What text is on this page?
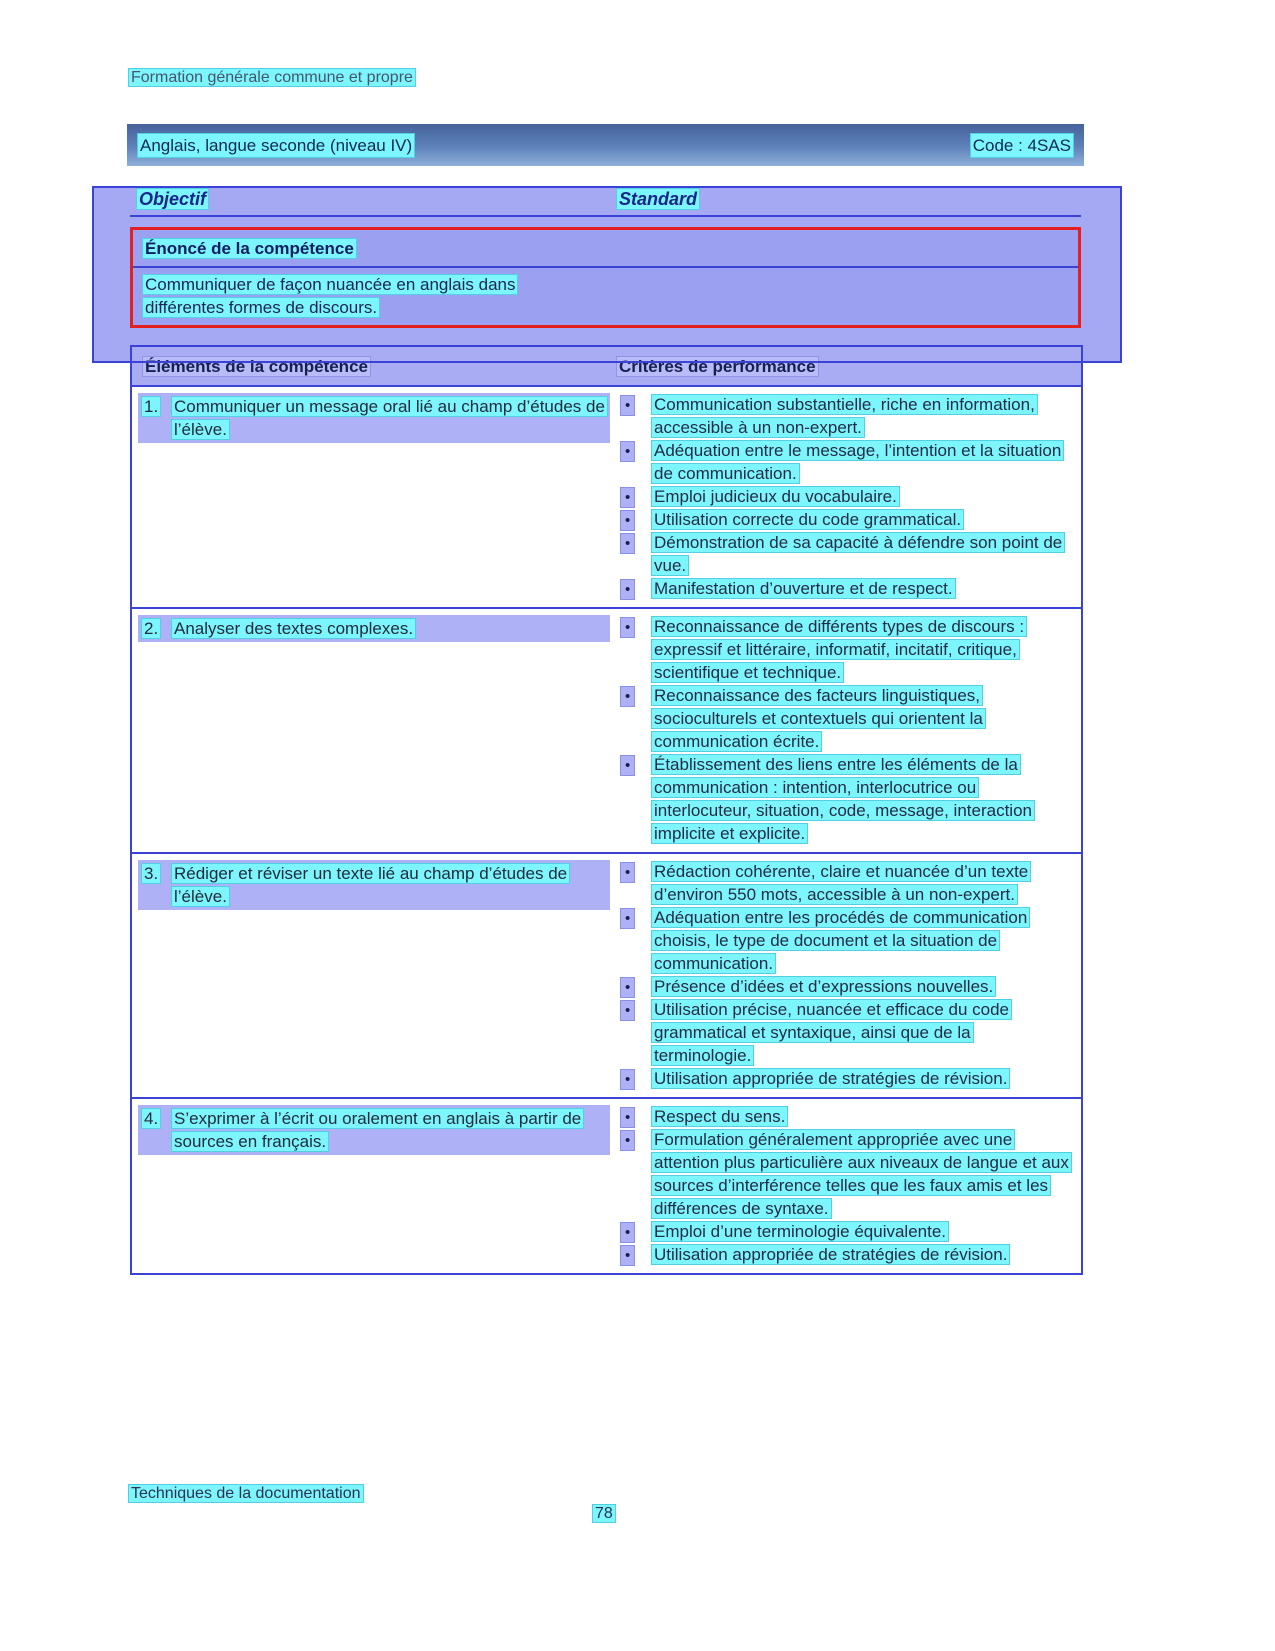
Formation générale commune et propre
Anglais, langue seconde (niveau IV)	Code : 4SAS
Objectif	Standard
Énoncé de la compétence
Communiquer de façon nuancée en anglais dans différentes formes de discours.
Éléments de la compétence	Critères de performance
1. Communiquer un message oral lié au champ d’études de l’élève.
•	Communication substantielle, riche en information, accessible à un non-expert.
•	Adéquation entre le message, l’intention et la situation de communication.
•	Emploi judicieux du vocabulaire.
•	Utilisation correcte du code grammatical.
•	Démonstration de sa capacité à défendre son point de vue.
•	Manifestation d’ouverture et de respect.
2. Analyser des textes complexes.	•	Reconnaissance de différents types de discours : expressif et littéraire, informatif, incitatif, critique, scientifique et technique.
•	Reconnaissance des facteurs linguistiques, socioculturels et contextuels qui orientent la communication écrite.
•	Établissement des liens entre les éléments de la communication : intention, interlocutrice ou interlocuteur, situation, code, message, interaction implicite et explicite.
3. Rédiger et réviser un texte lié au champ d’études de l’élève.
•	Rédaction cohérente, claire et nuancée d’un texte d’environ 550 mots, accessible à un non-expert.
•	Adéquation entre les procédés de communication choisis, le type de document et la situation de communication.
•	Présence d’idées et d’expressions nouvelles.
•	Utilisation précise, nuancée et efficace du code grammatical et syntaxique, ainsi que de la terminologie.
•	Utilisation appropriée de stratégies de révision.
4. S’exprimer à l’écrit ou oralement en anglais à partir de sources en français.
•	Respect du sens.
•	Formulation généralement appropriée avec une attention plus particulière aux niveaux de langue et aux sources d’interférence telles que les faux amis et les différences de syntaxe.
•	Emploi d’une terminologie équivalente.
•	Utilisation appropriée de stratégies de révision.
Techniques de la documentation
78
